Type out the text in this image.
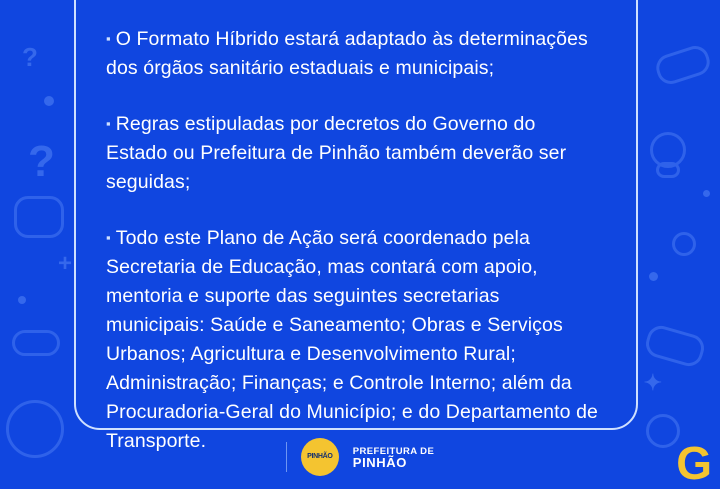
?
?
+
✦

▪ O Formato Híbrido estará adaptado às determinações dos órgãos sanitário estaduais e municipais;

▪ Regras estipuladas por decretos do Governo do Estado ou Prefeitura de Pinhão também deverão ser seguidas;

▪ Todo este Plano de Ação será coordenado pela Secretaria de Educação, mas contará com apoio, mentoria e suporte das seguintes secretarias municipais: Saúde e Saneamento; Obras e Serviços Urbanos; Agricultura e Desenvolvimento Rural; Administração; Finanças; e Controle Interno; além da Procuradoria-Geral do Município; e do Departamento de Transporte.

PINHÃO	PREFEITURA DE
PINHÃO	G
